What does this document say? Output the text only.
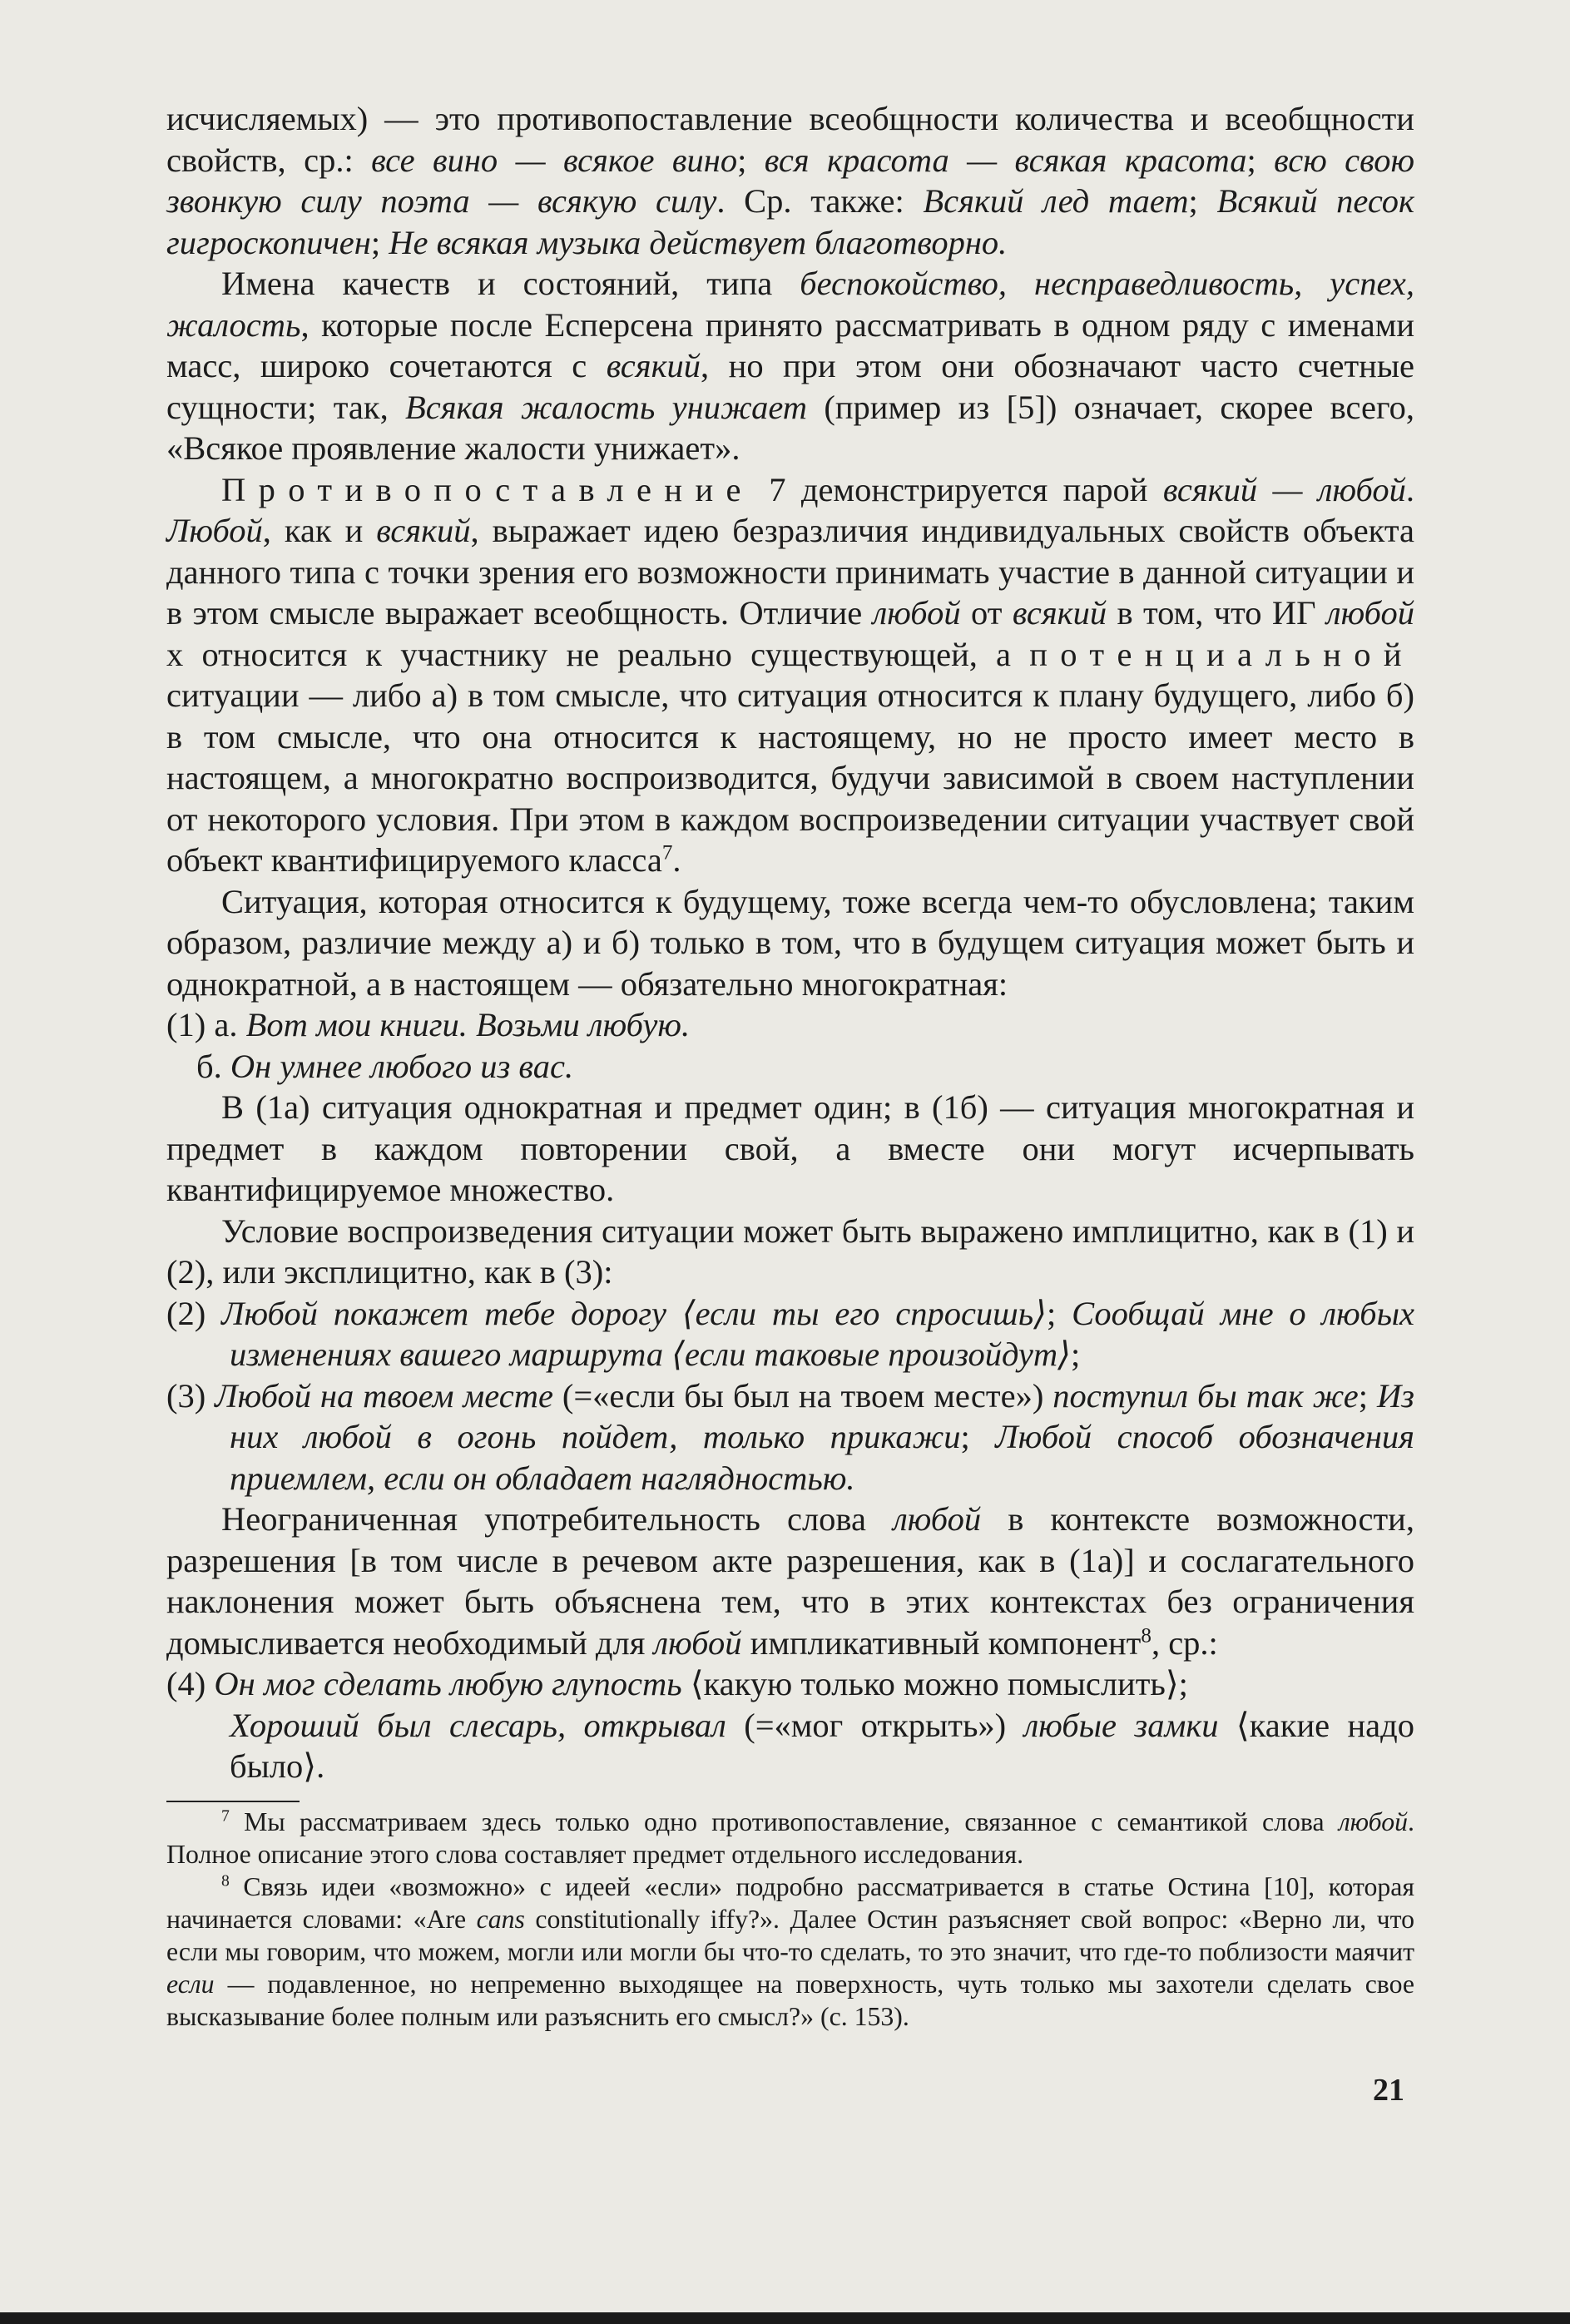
исчисляемых) — это противопоставление всеобщности количества и всеобщности свойств, ср.: все вино — всякое вино; вся красота — всякая красота; всю свою звонкую силу поэта — всякую силу. Ср. также: Всякий лед тает; Всякий песок гигроскопичен; Не всякая музыка действует благотворно.

Имена качеств и состояний, типа беспокойство, несправедливость, успех, жалость, которые после Есперсена принято рассматривать в одном ряду с именами масс, широко сочетаются с всякий, но при этом они обозначают часто счетные сущности; так, Всякая жалость унижает (пример из [5]) означает, скорее всего, «Всякое проявление жалости унижает».

Противопоставление 7 демонстрируется парой всякий — любой. Любой, как и всякий, выражает идею безразличия индивидуальных свойств объекта данного типа с точки зрения его возможности принимать участие в данной ситуации и в этом смысле выражает всеобщность. Отличие любой от всякий в том, что ИГ любой x относится к участнику не реально существующей, а потенциальной ситуации — либо а) в том смысле, что ситуация относится к плану будущего, либо б) в том смысле, что она относится к настоящему, но не просто имеет место в настоящем, а многократно воспроизводится, будучи зависимой в своем наступлении от некоторого условия. При этом в каждом воспроизведении ситуации участвует свой объект квантифицируемого класса$^7$.

Ситуация, которая относится к будущему, тоже всегда чем-то обусловлена; таким образом, различие между а) и б) только в том, что в будущем ситуация может быть и однократной, а в настоящем — обязательно многократная:

(1) а. Вот мои книги. Возьми любую.

б. Он умнее любого из вас.

В (1а) ситуация однократная и предмет один; в (1б) — ситуация многократная и предмет в каждом повторении свой, а вместе они могут исчерпывать квантифицируемое множество.

Условие воспроизведения ситуации может быть выражено имплицитно, как в (1) и (2), или эксплицитно, как в (3):

(2) Любой покажет тебе дорогу ⟨если ты его спросишь⟩; Сообщай мне о любых изменениях вашего маршрута ⟨если таковые произойдут⟩;

(3) Любой на твоем месте (=«если бы был на твоем месте») поступил бы так же; Из них любой в огонь пойдет, только прикажи; Любой способ обозначения приемлем, если он обладает наглядностью.

Неограниченная употребительность слова любой в контексте возможности, разрешения [в том числе в речевом акте разрешения, как в (1а)] и сослагательного наклонения может быть объяснена тем, что в этих контекстах без ограничения домысливается необходимый для любой импликативный компонент$^8$, ср.:

(4) Он мог сделать любую глупость ⟨какую только можно помыслить⟩;

Хороший был слесарь, открывал (=«мог открыть») любые замки ⟨какие надо было⟩.

$^7$ Мы рассматриваем здесь только одно противопоставление, связанное с семантикой слова любой. Полное описание этого слова составляет предмет отдельного исследования.

$^8$ Связь идеи «возможно» с идеей «если» подробно рассматривается в статье Остина [10], которая начинается словами: «Are cans constitutionally iffy?». Далее Остин разъясняет свой вопрос: «Верно ли, что если мы говорим, что можем, могли или могли бы что-то сделать, то это значит, что где-то поблизости маячит если — подавленное, но непременно выходящее на поверхность, чуть только мы захотели сделать свое высказывание более полным или разъяснить его смысл?» (с. 153).

21
